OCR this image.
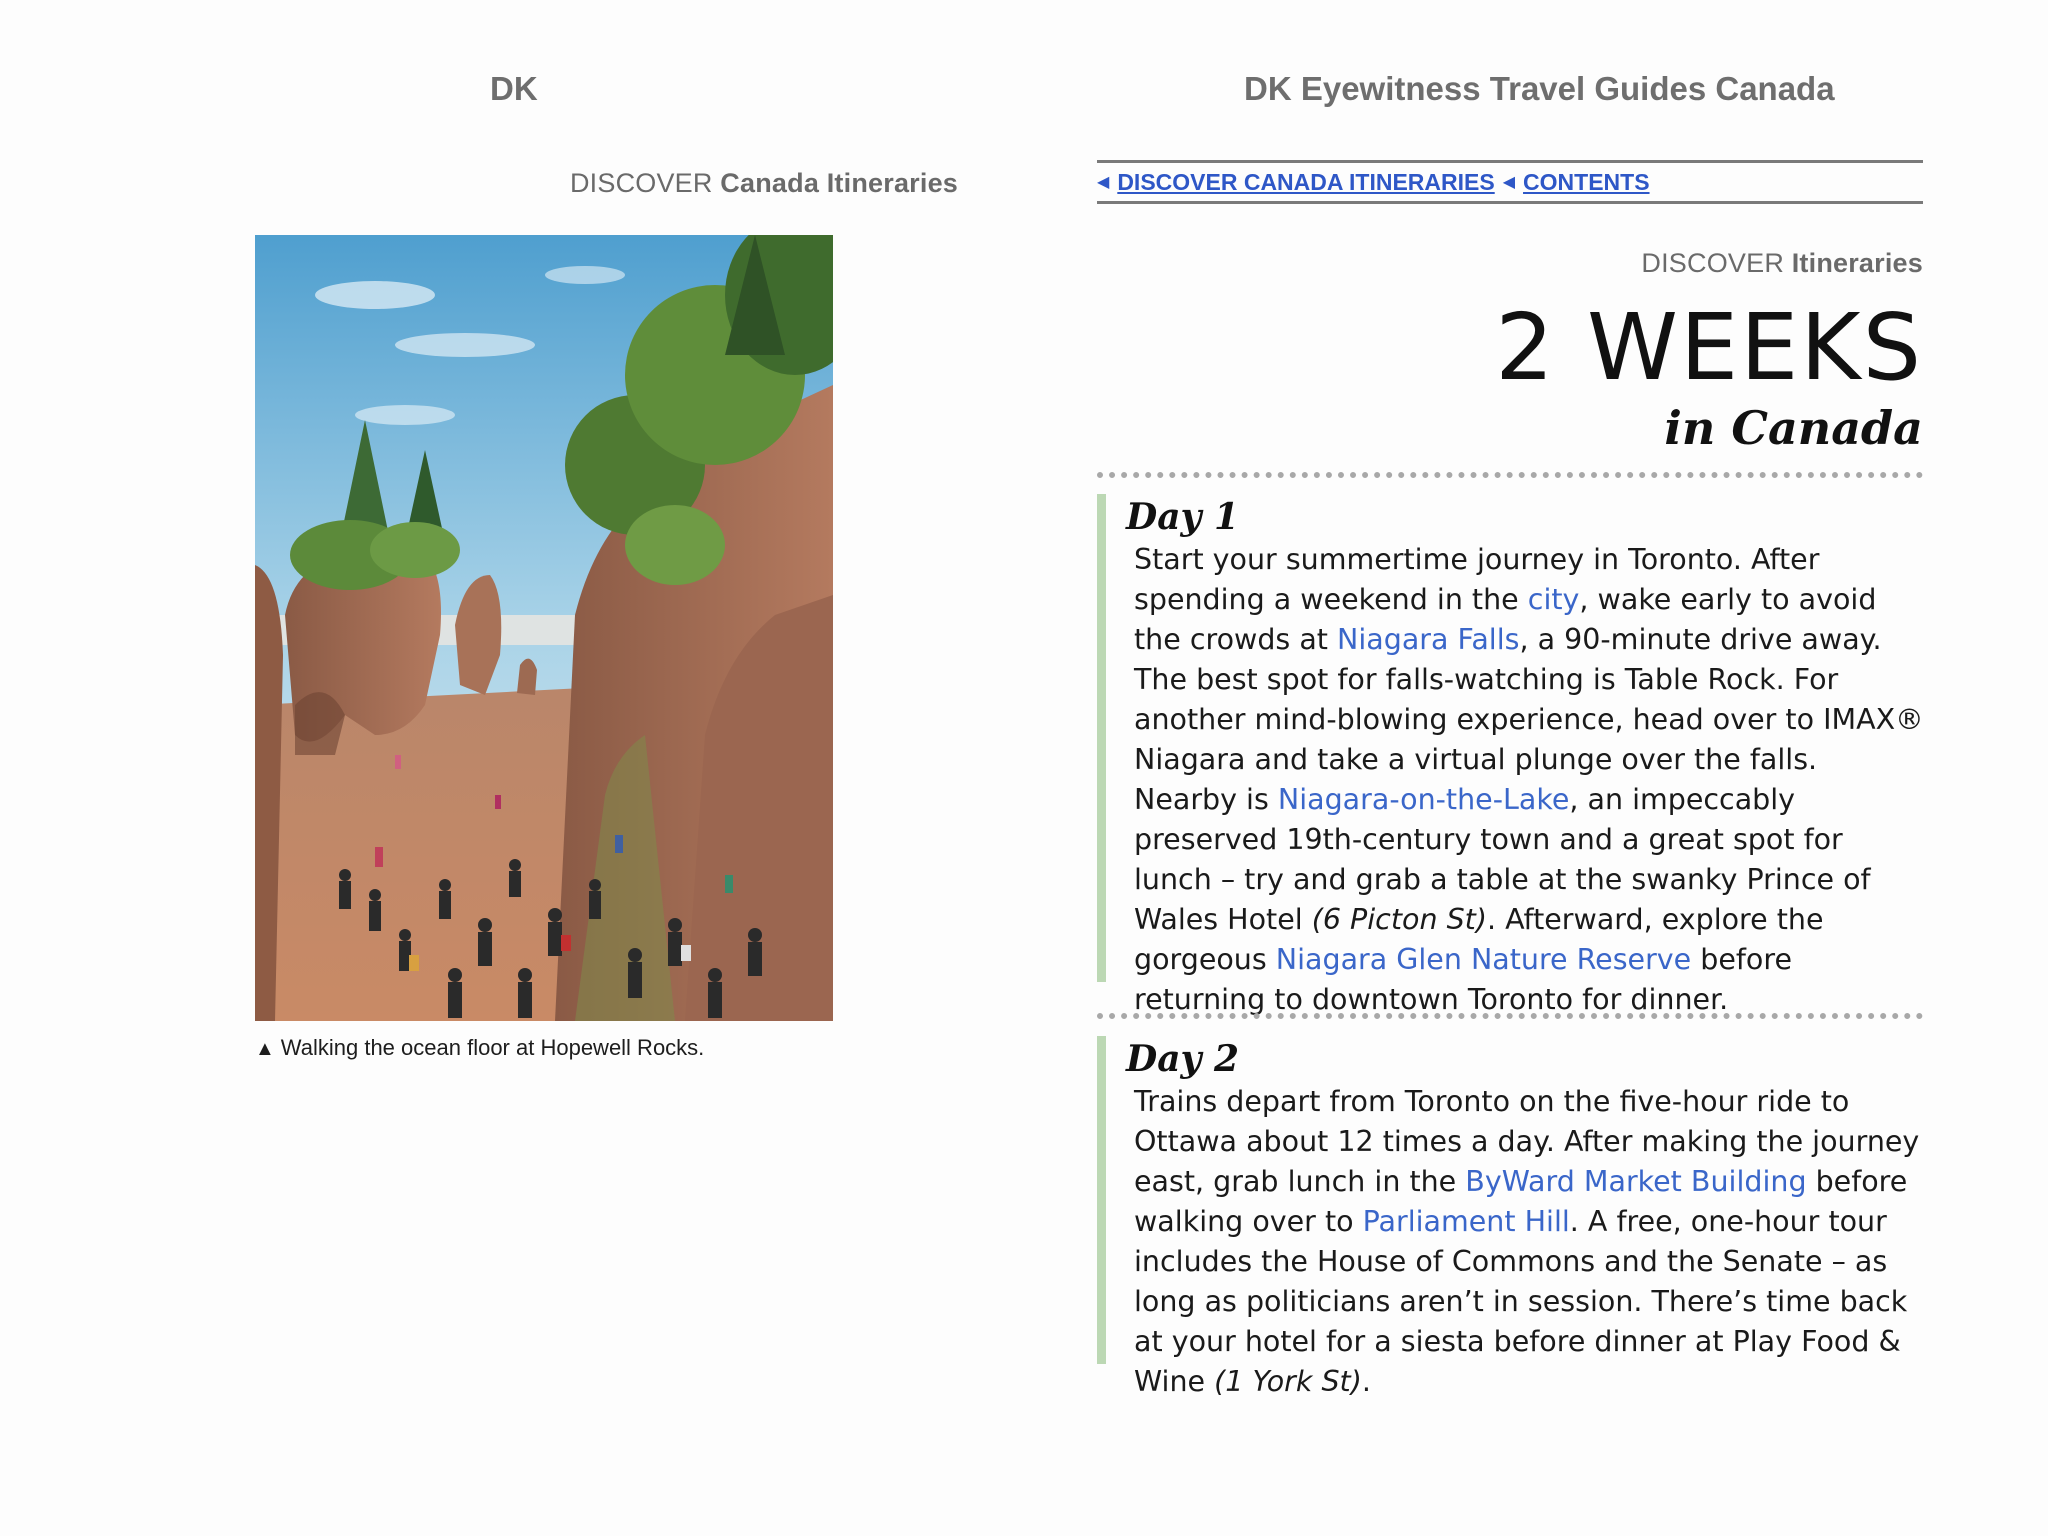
DK
DISCOVER Canada Itineraries
▲ Walking the ocean floor at Hopewell Rocks.
DK Eyewitness Travel Guides Canada
◀ DISCOVER CANADA ITINERARIES ◀ CONTENTS
DISCOVER Itineraries
2 WEEKS
in Canada
Day 1
Start your summertime journey in Toronto. After spending a weekend in the city, wake early to avoid the crowds at Niagara Falls, a 90-minute drive away. The best spot for falls-watching is Table Rock. For another mind-blowing experience, head over to IMAX® Niagara and take a virtual plunge over the falls. Nearby is Niagara-on-the-Lake, an impeccably preserved 19th-century town and a great spot for lunch – try and grab a table at the swanky Prince of Wales Hotel (6 Picton St). Afterward, explore the gorgeous Niagara Glen Nature Reserve before returning to downtown Toronto for dinner.
Day 2
Trains depart from Toronto on the five-hour ride to Ottawa about 12 times a day. After making the journey east, grab lunch in the ByWard Market Building before walking over to Parliament Hill. A free, one-hour tour includes the House of Commons and the Senate – as long as politicians aren’t in session. There’s time back at your hotel for a siesta before dinner at Play Food & Wine (1 York St).
